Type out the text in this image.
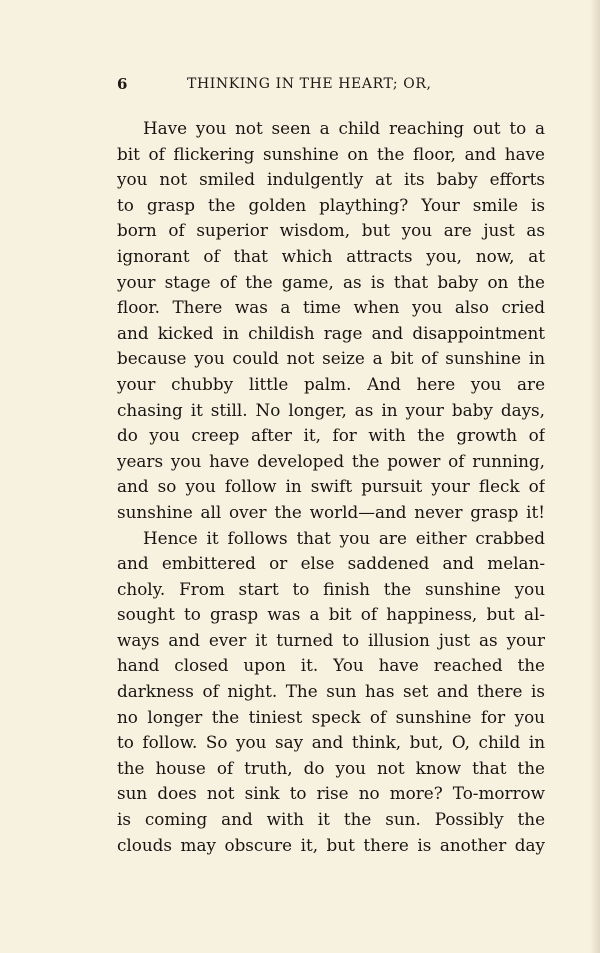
6	THINKING IN THE HEART; OR,
Have you not seen a child reaching out to a
bit of flickering sunshine on the floor, and have
you not smiled indulgently at its baby efforts
to grasp the golden plaything? Your smile is
born of superior wisdom, but you are just as
ignorant of that which attracts you, now, at
your stage of the game, as is that baby on the
floor. There was a time when you also cried
and kicked in childish rage and disappointment
because you could not seize a bit of sunshine in
your chubby little palm. And here you are
chasing it still. No longer, as in your baby days,
do you creep after it, for with the growth of
years you have developed the power of running,
and so you follow in swift pursuit your fleck of
sunshine all over the world—and never grasp it!
Hence it follows that you are either crabbed
and embittered or else saddened and melan-
choly. From start to finish the sunshine you
sought to grasp was a bit of happiness, but al-
ways and ever it turned to illusion just as your
hand closed upon it. You have reached the
darkness of night. The sun has set and there is
no longer the tiniest speck of sunshine for you
to follow. So you say and think, but, O, child in
the house of truth, do you not know that the
sun does not sink to rise no more? To-morrow
is coming and with it the sun. Possibly the
clouds may obscure it, but there is another day
